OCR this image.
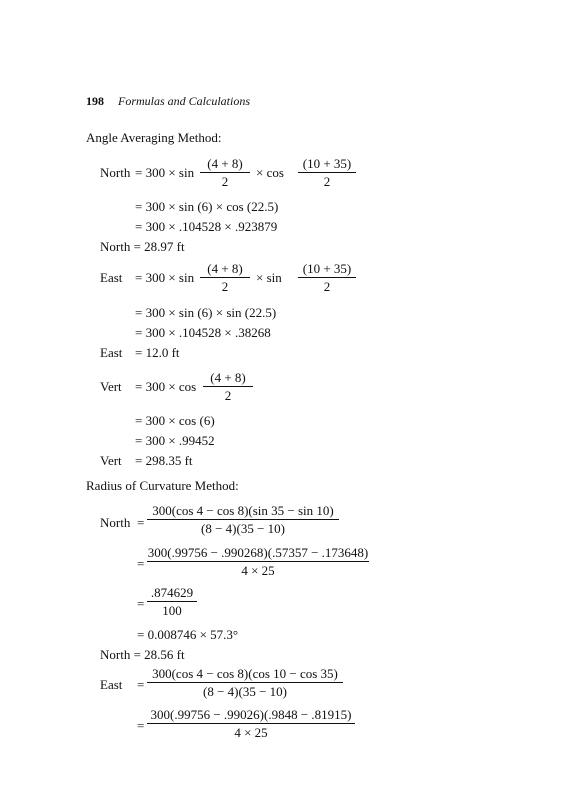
198 Formulas and Calculations
Angle Averaging Method:
North = 300 × sin
(4 + 8)
2
× cos
(10 + 35)
2
= 300 × sin (6) × cos (22.5)
= 300 × .104528 × .923879
North = 28.97 ft
East = 300 × sin
(4 + 8)
2
× sin
(10 + 35)
2
= 300 × sin (6) × sin (22.5)
= 300 × .104528 × .38268
East = 12.0 ft
Vert = 300 × cos
(4 + 8)
2
= 300 × cos (6)
= 300 × .99452
Vert = 298.35 ft
Radius of Curvature Method:
North =
300(cos 4 − cos 8)(sin 35 − sin 10)
(8 − 4)(35 − 10)
=
300(.99756 − .990268)(.57357 − .173648)
4 × 25
=
.874629
100
= 0.008746 × 57.3°
North = 28.56 ft
East =
300(cos 4 − cos 8)(cos 10 − cos 35)
(8 − 4)(35 − 10)
=
300(.99756 − .99026)(.9848 − .81915)
4 × 25
